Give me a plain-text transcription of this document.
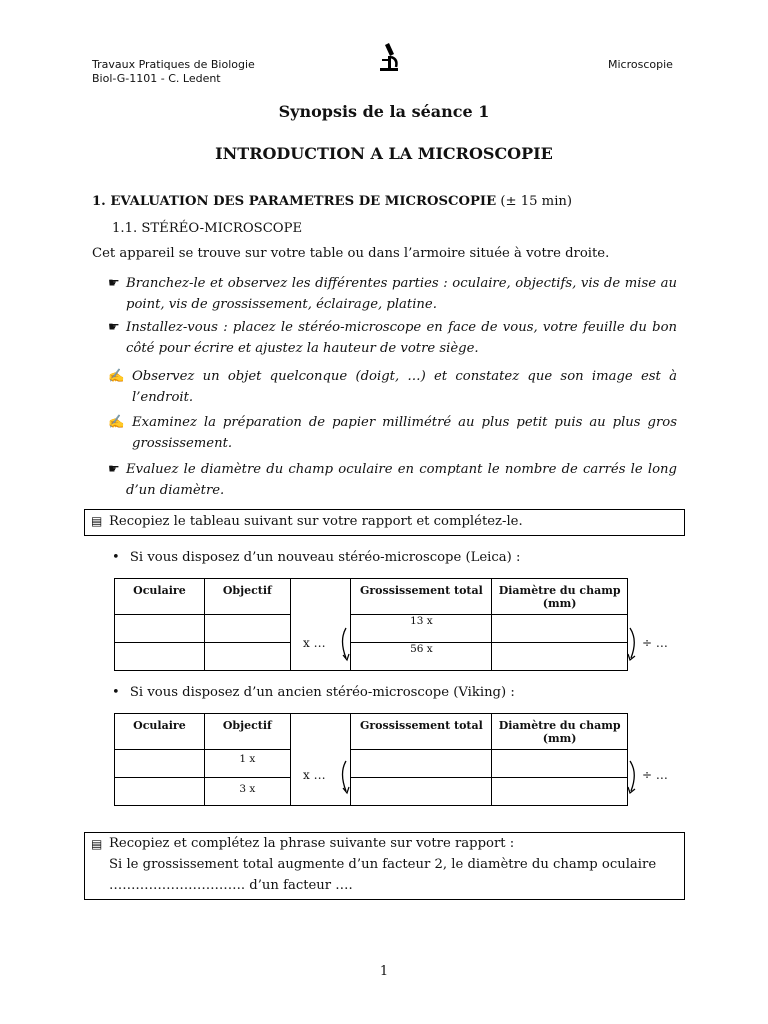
Travaux Pratiques de Biologie
Biol-G-1101 - C. Ledent
Microscopie
Synopsis de la séance 1
INTRODUCTION A LA MICROSCOPIE
1. EVALUATION DES PARAMETRES DE MICROSCOPIE (± 15 min)
1.1. STÉRÉO-MICROSCOPE
Cet appareil se trouve sur votre table ou dans l’armoire située à votre droite.
☛ Branchez-le et observez les différentes parties : oculaire, objectifs, vis de mise au point, vis de grossissement, éclairage, platine.
☛ Installez-vous : placez le stéréo-microscope en face de vous, votre feuille du bon côté pour écrire et ajustez la hauteur de votre siège.
✍ Observez un objet quelconque (doigt, …) et constatez que son image est à l’endroit.
✍ Examinez la préparation de papier millimétré au plus petit puis au plus gros grossissement.
☛ Evaluez le diamètre du champ oculaire en comptant le nombre de carrés le long d’un diamètre.
▤ Recopiez le tableau suivant sur votre rapport et complétez-le.
• Si vous disposez d’un nouveau stéréo-microscope (Leica) :
Oculaire	Objectif		Grossissement total	Diamètre du champ (mm)
			13 x	
			56 x	
x …	÷ …
• Si vous disposez d’un ancien stéréo-microscope (Viking) :
Oculaire	Objectif		Grossissement total	Diamètre du champ (mm)
	1 x			
	3 x			
x …	÷ …
▤ Recopiez et complétez la phrase suivante sur votre rapport :
Si le grossissement total augmente d’un facteur 2, le diamètre du champ oculaire
…………………………. d’un facteur ….
1
